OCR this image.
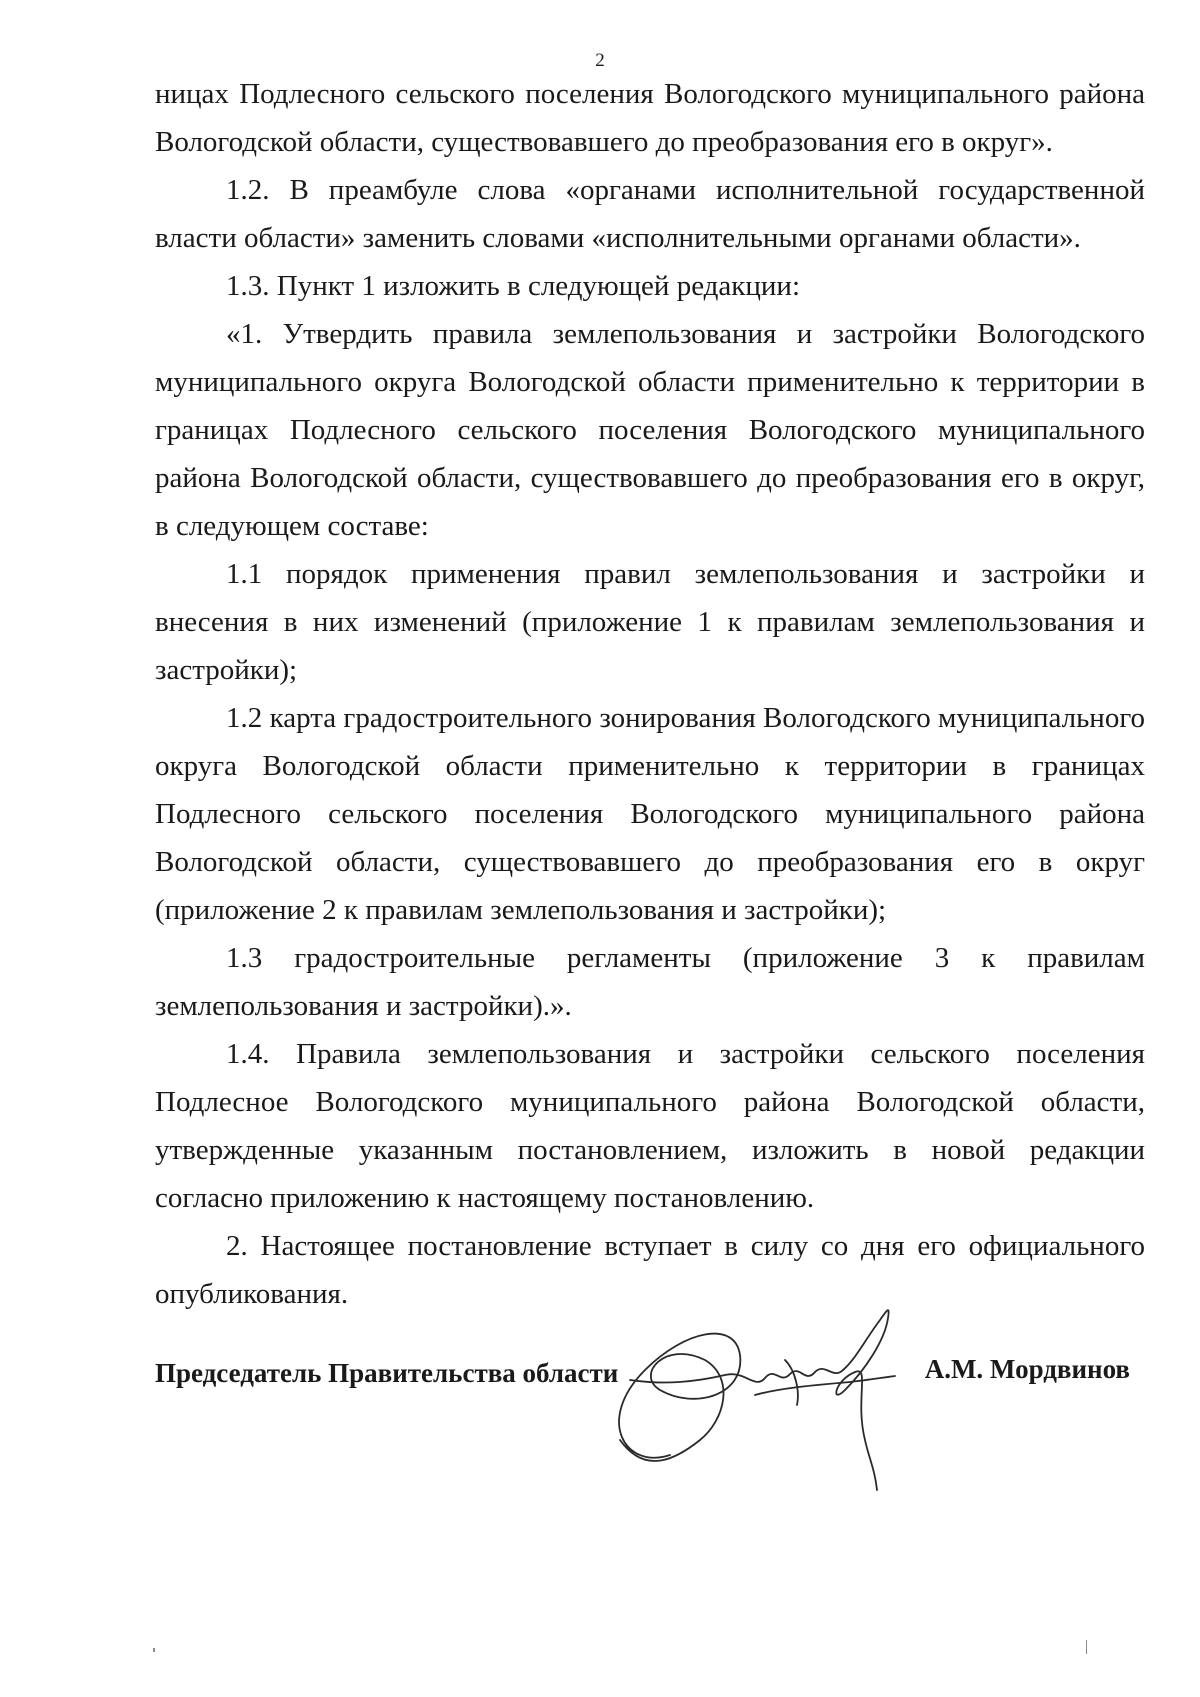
2

ницах Подлесного сельского поселения Вологодского муниципального района Вологодской области, существовавшего до преобразования его в округ».

1.2. В преамбуле слова «органами исполнительной государственной власти области» заменить словами «исполнительными органами области».

1.3. Пункт 1 изложить в следующей редакции:

«1. Утвердить правила землепользования и застройки Вологодского муниципального округа Вологодской области применительно к территории в границах Подлесного сельского поселения Вологодского муниципального района Вологодской области, существовавшего до преобразования его в округ, в следующем составе:

1.1 порядок применения правил землепользования и застройки и внесения в них изменений (приложение 1 к правилам землепользования и застройки);

1.2 карта градостроительного зонирования Вологодского муниципального округа Вологодской области применительно к территории в границах Подлесного сельского поселения Вологодского муниципального района Вологодской области, существовавшего до преобразования его в округ (приложение 2 к правилам землепользования и застройки);

1.3 градостроительные регламенты (приложение 3 к правилам землепользования и застройки).».

1.4. Правила землепользования и застройки сельского поселения Подлесное Вологодского муниципального района Вологодской области, утвержденные указанным постановлением, изложить в новой редакции согласно приложению к настоящему постановлению.

2. Настоящее постановление вступает в силу со дня его официального опубликования.

Председатель Правительства области	А.М. Мордвинов
